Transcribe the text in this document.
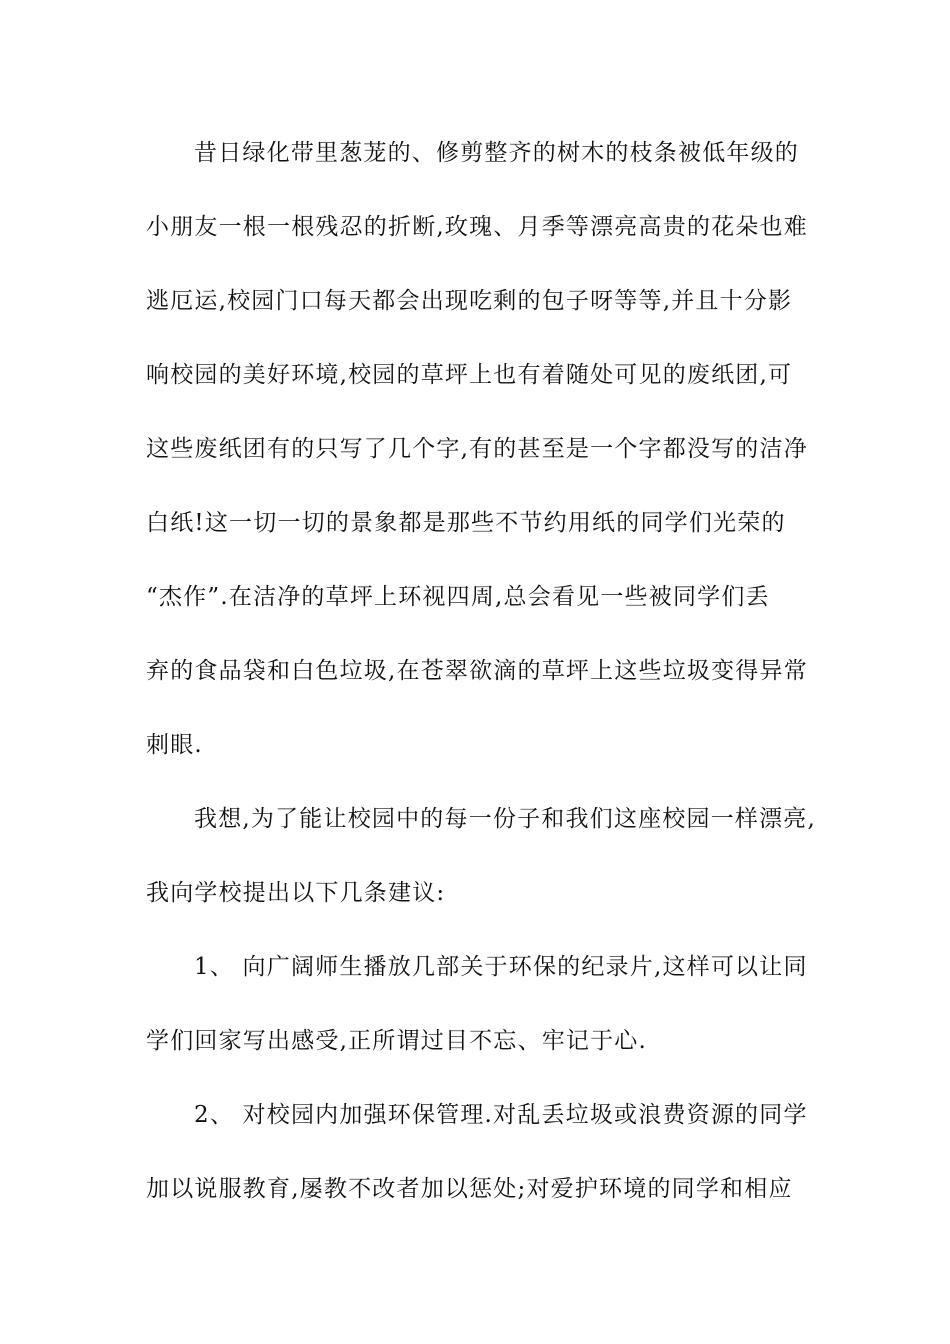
昔日绿化带里葱茏的、修剪整齐的树木的枝条被低年级的
小朋友一根一根残忍的折断,玫瑰、月季等漂亮高贵的花朵也难
逃厄运,校园门口每天都会出现吃剩的包子呀等等,并且十分影
响校园的美好环境,校园的草坪上也有着随处可见的废纸团,可
这些废纸团有的只写了几个字,有的甚至是一个字都没写的洁净
白纸!这一切一切的景象都是那些不节约用纸的同学们光荣的
“杰作”.在洁净的草坪上环视四周,总会看见一些被同学们丢
弃的食品袋和白色垃圾,在苍翠欲滴的草坪上这些垃圾变得异常
刺眼.
我想,为了能让校园中的每一份子和我们这座校园一样漂亮,
我向学校提出以下几条建议:
1、 向广阔师生播放几部关于环保的纪录片,这样可以让同
学们回家写出感受,正所谓过目不忘、牢记于心.
2、 对校园内加强环保管理.对乱丢垃圾或浪费资源的同学
加以说服教育,屡教不改者加以惩处;对爱护环境的同学和相应
